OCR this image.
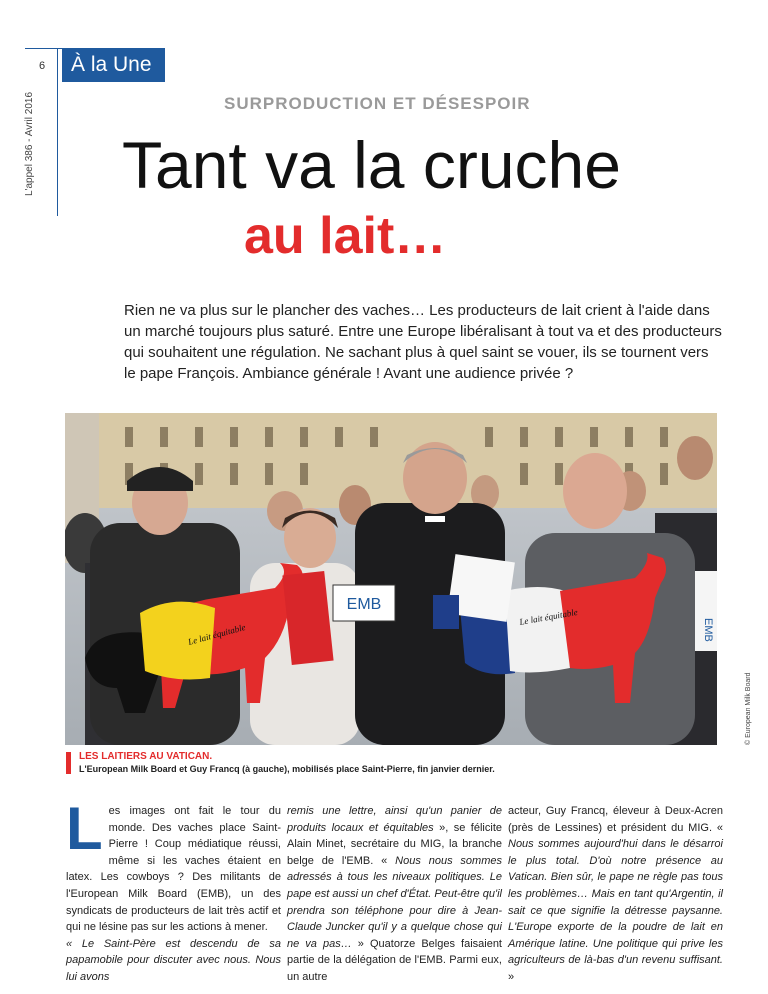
6
L'appel 386 - Avril 2016
À la Une
SURPRODUCTION ET DÉSESPOIR
Tant va la cruche
au lait…
Rien ne va plus sur le plancher des vaches… Les producteurs de lait crient à l'aide dans un marché toujours plus saturé. Entre une Europe libéralisant à tout va et des producteurs qui souhaitent une régulation. Ne sachant plus à quel saint se vouer, ils se tournent vers le pape François. Ambiance générale ! Avant une audience privée ?
EMB
Le lait équitable
Le lait équitable
EMB
© European Milk Board
LES LAITIERS AU VATICAN.
L'European Milk Board et Guy Francq (à gauche), mobilisés place Saint-Pierre, fin janvier dernier.
Les images ont fait le tour du monde. Des vaches place Saint-Pierre ! Coup médiatique réussi, même si les vaches étaient en latex. Les cowboys ? Des militants de l'European Milk Board (EMB), un des syndicats de producteurs de lait très actif et qui ne lésine pas sur les actions à mener.
« Le Saint-Père est descendu de sa papamobile pour discuter avec nous. Nous lui avons
remis une lettre, ainsi qu'un panier de produits locaux et équitables », se félicite Alain Minet, secrétaire du MIG, la branche belge de l'EMB. « Nous nous sommes adressés à tous les niveaux politiques. Le pape est aussi un chef d'État. Peut-être qu'il prendra son téléphone pour dire à Jean-Claude Juncker qu'il y a quelque chose qui ne va pas… » Quatorze Belges faisaient partie de la délégation de l'EMB. Parmi eux, un autre
acteur, Guy Francq, éleveur à Deux-Acren (près de Lessines) et président du MIG. « Nous sommes aujourd'hui dans le désarroi le plus total. D'où notre présence au Vatican. Bien sûr, le pape ne règle pas tous les problèmes… Mais en tant qu'Argentin, il sait ce que signifie la détresse paysanne. L'Europe exporte de la poudre de lait en Amérique latine. Une politique qui prive les agriculteurs de là-bas d'un revenu suffisant. »
